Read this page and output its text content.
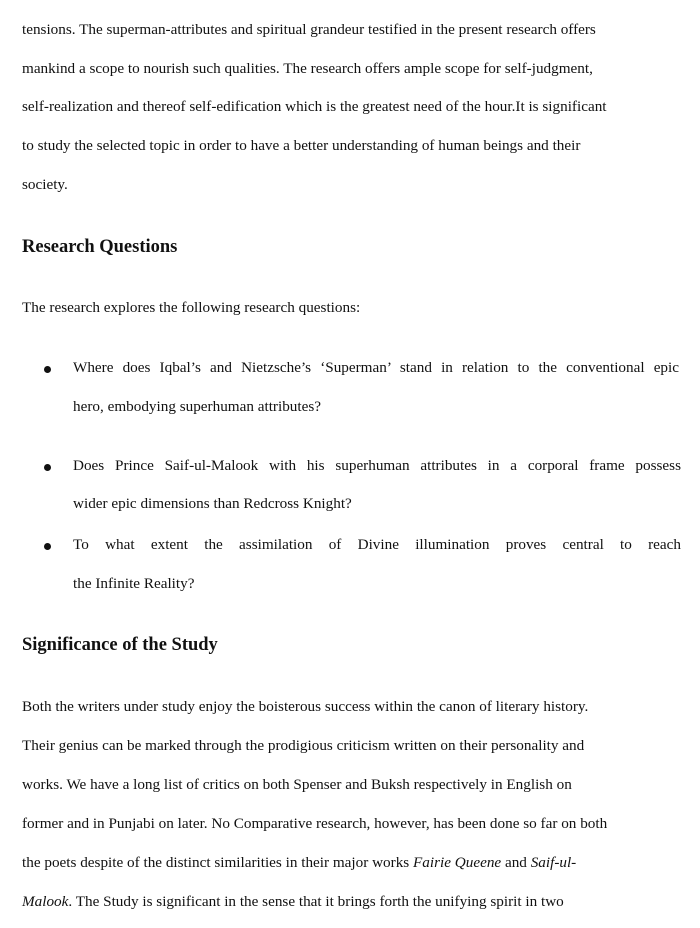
tensions. The superman-attributes and spiritual grandeur testified in the present research offers
mankind a scope to nourish such qualities. The research offers ample scope for self-judgment,
self-realization and thereof self-edification which is the greatest need of the hour.It is significant
to study the selected topic in order to have a better understanding of human beings and their
society.
Research Questions
The research explores the following research questions:
Where does Iqbal’s and Nietzsche’s ‘Superman’ stand in relation to the conventional epic
hero, embodying superhuman attributes?
Does Prince Saif-ul-Malook with his superhuman attributes in a corporal frame possess
wider epic dimensions than Redcross Knight?
To what extent the assimilation of Divine illumination proves central to reach
the Infinite Reality?
Significance of the Study
Both the writers under study enjoy the boisterous success within the canon of literary history.
Their genius can be marked through the prodigious criticism written on their personality and
works. We have a long list of critics on both Spenser and Buksh respectively in English on
former and in Punjabi on later. No Comparative research, however, has been done so far on both
the poets despite of the distinct similarities in their major works Fairie Queene and Saif-ul-
Malook. The Study is significant in the sense that it brings forth the unifying spirit in two
